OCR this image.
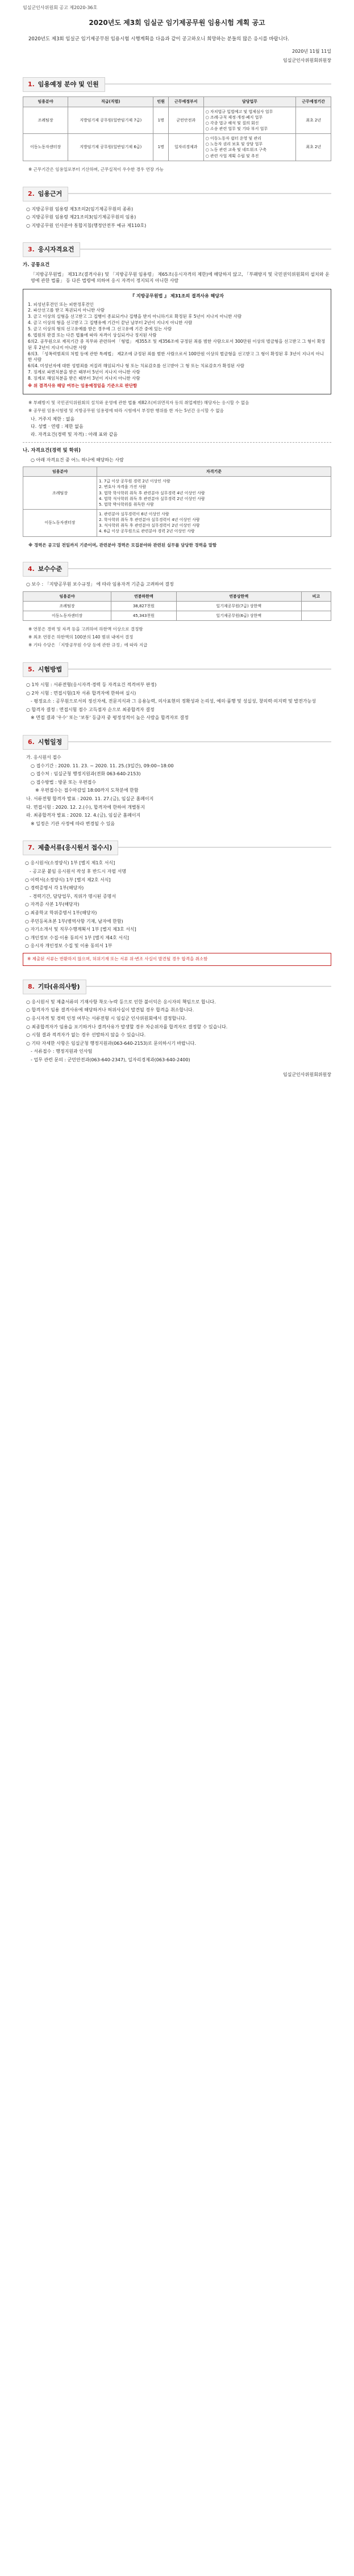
임실군인사위원회 공고 제2020-36호
2020년도 제3회 임실군 임기제공무원 임용시험 계획 공고
2020년도 제3회 임실군 임기제공무원 임용시험 시행계획을 다음과 같이 공고하오니 희망하는 분들의 많은 응시를 바랍니다.
2020년 11월 11일
임실군인사위원회위원장
1. 임용예정 분야 및 인원
임용분야	직급(직렬)	인원	근무예정부서	담당업무	근무예정기간
조례팀장	지방임기제 공무원(일반임기제 7급)	1명	군민안전과	○ 자치법규 입법예고 및 법제심사 업무
○ 조례·규칙 제정·개정·폐지 업무
○ 각종 법규 해석 및 질의 회신
○ 소송 관련 업무 및 기타 부서 업무	최초 2년
이동노동자센터장	지방임기제 공무원(일반임기제 6급)	1명	일자리경제과	○ 이동노동자 쉼터 운영 및 관리
○ 노동자 권리 보호 및 상담 업무
○ 노동 관련 교육 및 네트워크 구축
○ 관련 사업 계획 수립 및 추진	최초 2년
※ 근무기간은 임용일로부터 기산하며, 근무실적이 우수한 경우 연장 가능
2. 임용근거
○ 지방공무원 임용령 제3조의2(임기제공무원의 종류)
○ 지방공무원 임용령 제21조의3(임기제공무원의 임용)
○ 지방공무원 인사분야 통합지침(행정안전부 예규 제110호)
3. 응시자격요건
가. 공통요건
「지방공무원법」 제31조(결격사유) 및 「지방공무원 임용령」 제65조(응시자격의 제한)에 해당하지 않고, 「부패방지 및 국민권익위원회의 설치와 운영에 관한 법률」 등 다른 법령에 의하여 응시 자격이 정지되지 아니한 사람
『 지방공무원법 』 제31조의 결격사유 해당자
1. 피성년후견인 또는 피한정후견인
2. 파산선고를 받고 복권되지 아니한 사람
3. 금고 이상의 실형을 선고받고 그 집행이 종료되거나 집행을 받지 아니하기로 확정된 후 5년이 지나지 아니한 사람
4. 금고 이상의 형을 선고받고 그 집행유예 기간이 끝난 날부터 2년이 지나지 아니한 사람
5. 금고 이상의 형의 선고유예를 받은 경우에 그 선고유예 기간 중에 있는 사람
6. 법원의 판결 또는 다른 법률에 따라 자격이 상실되거나 정지된 사람
6의2. 공무원으로 재직기간 중 직무와 관련하여 「형법」 제355조 및 제356조에 규정된 죄를 범한 사람으로서 300만원 이상의 벌금형을 선고받고 그 형이 확정된 후 2년이 지나지 아니한 사람
6의3. 「성폭력범죄의 처벌 등에 관한 특례법」 제2조에 규정된 죄를 범한 사람으로서 100만원 이상의 벌금형을 선고받고 그 형이 확정된 후 3년이 지나지 아니한 사람
6의4. 미성년자에 대한 성범죄를 저질러 해임되거나 형 또는 치료감호를 선고받아 그 형 또는 치료감호가 확정된 사람
7. 징계로 파면처분을 받은 때부터 5년이 지나지 아니한 사람
8. 징계로 해임처분을 받은 때부터 3년이 지나지 아니한 사람

※ 위 결격사유 해당 여부는 임용예정일을 기준으로 판단함

※ 부패방지 및 국민권익위원회의 설치와 운영에 관한 법률 제82조(비위면직자 등의 취업제한) 해당자는 응시할 수 없음
※ 공무원 임용시험령 및 지방공무원 임용령에 따라 시험에서 부정한 행위를 한 자는 5년간 응시할 수 없음
나. 거주지 제한 : 없음
다. 성별 · 연령 : 제한 없음
라. 자격요건(경력 및 자격) : 아래 표와 같음
나. 자격요건(경력 및 학위)
○ 아래 자격요건 중 어느 하나에 해당하는 사람
임용분야	자격기준
조례팀장	1. 7급 이상 공무원 경력 2년 이상인 사람
2. 변호사 자격을 가진 사람
3. 법학 학사학위 취득 후 관련분야 실무경력 4년 이상인 사람
4. 법학 석사학위 취득 후 관련분야 실무경력 2년 이상인 사람
5. 법학 박사학위를 취득한 사람
이동노동자센터장	1. 관련분야 실무경력이 6년 이상인 사람
2. 학사학위 취득 후 관련분야 실무경력이 4년 이상인 사람
3. 석사학위 취득 후 관련분야 실무경력이 2년 이상인 사람
4. 6급 이상 공무원으로 관련분야 경력 2년 이상인 사람
※ 경력은 공고일 전일까지 기준이며, 관련분야 경력은 모집분야와 관련된 실무를 담당한 경력을 말함
4. 보수수준
○ 보수 : 「지방공무원 보수규정」 에 따라 임용자격 기준을 고려하여 결정
임용분야	연봉하한액	연봉상한액	비고
조례팀장	38,827천원	일기제공무원(7급) 상한액	
이동노동자센터장	45,343천원	일기제공무원(6급) 상한액	
※ 연봉은 경력 및 자격 등을 고려하여 하한액 이상으로 결정함
※ 최초 연봉은 하한액의 100분의 140 범위 내에서 결정
※ 기타 수당은 「지방공무원 수당 등에 관한 규정」에 따라 지급
5. 시험방법
○ 1차 시험 : 서류전형(응시자격·경력 등 자격요건 적격여부 판정)
○ 2차 시험 : 면접시험(1차 서류 합격자에 한하여 실시)
　- 평정요소 : 공무원으로서의 정신자세, 전문지식과 그 응용능력, 의사표현의 정확성과 논리성, 예의·품행 및 성실성, 창의력·의지력 및 발전가능성
○ 합격자 결정 : 면접시험 점수 고득점자 순으로 최종합격자 결정
　※ 면접 결과 '우수' 또는 '보통' 등급자 중 평정성적이 높은 사람을 합격자로 결정
6. 시험일정
가. 응시원서 접수
　○ 접수기간 : 2020. 11. 23. ~ 2020. 11. 25.(3일간), 09:00~18:00
　○ 접수처 : 임실군청 행정지원과(전화 063-640-2153)
　○ 접수방법 : 방문 또는 우편접수
　　※ 우편접수는 접수마감일 18:00까지 도착분에 한함
나. 서류전형 합격자 발표 : 2020. 11. 27.(금), 임실군 홈페이지
다. 면접시험 : 2020. 12. 2.(수), 합격자에 한하여 개별통지
라. 최종합격자 발표 : 2020. 12. 4.(금), 임실군 홈페이지
　※ 일정은 기관 사정에 따라 변경될 수 있음
7. 제출서류(응시원서 접수시)
○ 응시원서(소정양식) 1부 [별지 제1호 서식]
　- 공고문 붙임 응시원서 작성 후 반드시 자필 서명
○ 이력서(소정양식) 1부 [별지 제2호 서식]
○ 경력증명서 각 1부(해당자)
　- 경력기간, 담당업무, 직위가 명시된 증명서
○ 자격증 사본 1부(해당자)
○ 최종학교 학위증명서 1부(해당자)
○ 주민등록초본 1부(병역사항 기재, 남자에 한함)
○ 자기소개서 및 직무수행계획서 1부 [별지 제3호 서식]
○ 개인정보 수집·이용 동의서 1부 [별지 제4호 서식]
○ 응시자 개인정보 수집 및 이용 동의서 1부
※ 제출된 서류는 반환하지 않으며, 허위기재 또는 서류 위·변조 사실이 발견될 경우 합격을 취소함
8. 기타(유의사항)
○ 응시원서 및 제출서류의 기재사항 착오·누락 등으로 인한 불이익은 응시자의 책임으로 합니다.
○ 합격자가 임용 결격사유에 해당하거나 허위사실이 발견될 경우 합격을 취소합니다.
○ 응시자격 및 경력 인정 여부는 서류전형 시 임실군 인사위원회에서 결정합니다.
○ 최종합격자가 임용을 포기하거나 결격사유가 발생할 경우 차순위자를 합격자로 결정할 수 있습니다.
○ 시험 결과 적격자가 없는 경우 선발하지 않을 수 있습니다.
○ 기타 자세한 사항은 임실군청 행정지원과(063-640-2153)로 문의하시기 바랍니다.
　- 서류접수 : 행정지원과 인사팀
　- 업무 관련 문의 : 군민안전과(063-640-2347), 일자리경제과(063-640-2400)
임실군인사위원회위원장
